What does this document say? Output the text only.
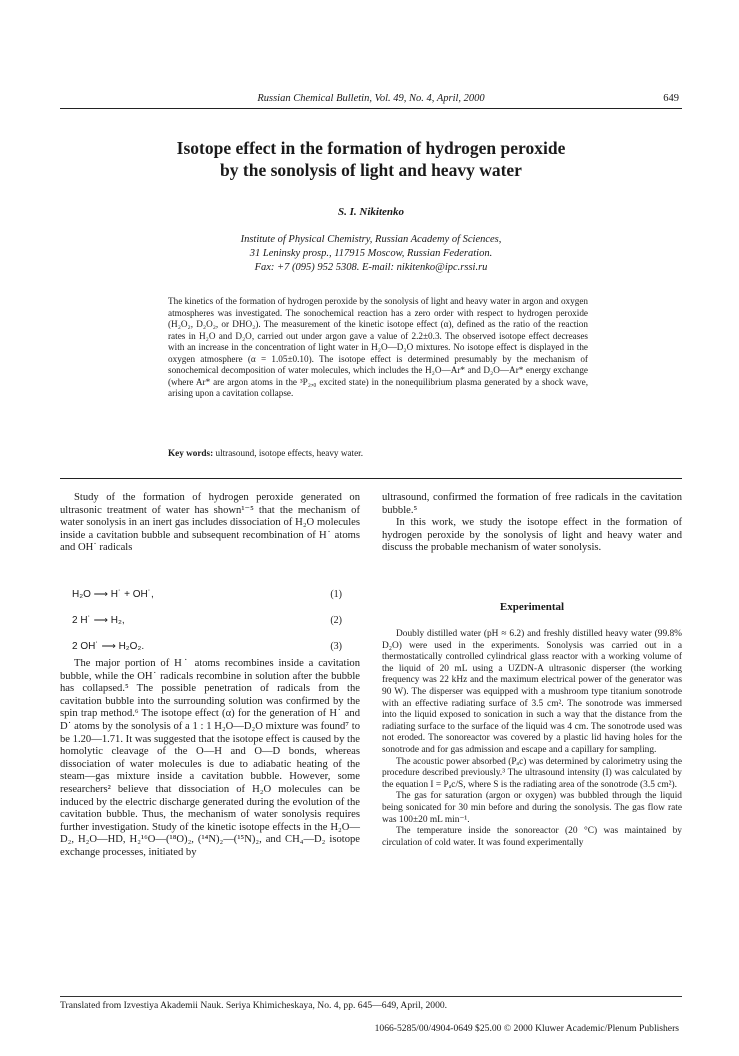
Russian Chemical Bulletin, Vol. 49, No. 4, April, 2000	649
Isotope effect in the formation of hydrogen peroxide
by the sonolysis of light and heavy water
S. I. Nikitenko
Institute of Physical Chemistry, Russian Academy of Sciences,
31 Leninsky prosp., 117915 Moscow, Russian Federation.
Fax: +7 (095) 952 5308. E-mail: nikitenko@ipc.rssi.ru
The kinetics of the formation of hydrogen peroxide by the sonolysis of light and heavy water in argon and oxygen atmospheres was investigated. The sonochemical reaction has a zero order with respect to hydrogen peroxide (H₂O₂, D₂O₂, or DHO₂). The measurement of the kinetic isotope effect (α), defined as the ratio of the reaction rates in H₂O and D₂O, carried out under argon gave a value of 2.2±0.3. The observed isotope effect decreases with an increase in the concentration of light water in H₂O—D₂O mixtures. No isotope effect is displayed in the oxygen atmosphere (α = 1.05±0.10). The isotope effect is determined presumably by the mechanism of sonochemical decomposition of water molecules, which includes the H₂O—Ar* and D₂O—Ar* energy exchange (where Ar* are argon atoms in the ³P₂,₀ excited state) in the nonequilibrium plasma generated by a shock wave, arising upon a cavitation collapse.
Key words: ultrasound, isotope effects, heavy water.

Study of the formation of hydrogen peroxide generated on ultrasonic treatment of water has shown¹⁻⁵ that the mechanism of water sonolysis in an inert gas includes dissociation of H₂O molecules inside a cavitation bubble and subsequent recombination of H˙ atoms and OH˙ radicals

H₂O ⟶ H˙ + OH˙,	(1)
2 H˙ ⟶ H₂,	(2)
2 OH˙ ⟶ H₂O₂.	(3)

The major portion of H˙ atoms recombines inside a cavitation bubble, while the OH˙ radicals recombine in solution after the bubble has collapsed.⁵ The possible penetration of radicals from the cavitation bubble into the surrounding solution was confirmed by the spin trap method.⁶ The isotope effect (α) for the generation of H˙ and D˙ atoms by the sonolysis of a 1 : 1 H₂O—D₂O mixture was found⁷ to be 1.20—1.71. It was suggested that the isotope effect is caused by the homolytic cleavage of the O—H and O—D bonds, whereas dissociation of water molecules is due to adiabatic heating of the steam—gas mixture inside a cavitation bubble. However, some researchers² believe that dissociation of H₂O molecules can be induced by the electric discharge generated during the evolution of the cavitation bubble. Thus, the mechanism of water sonolysis requires further investigation. Study of the kinetic isotope effects in the H₂O—D₂, H₂O—HD, H₂¹⁶O—(¹⁸O)₂, (¹⁴N)₂—(¹⁵N)₂, and CH₄—D₂ isotope exchange processes, initiated by

ultrasound, confirmed the formation of free radicals in the cavitation bubble.⁵

In this work, we study the isotope effect in the formation of hydrogen peroxide by the sonolysis of light and heavy water and discuss the probable mechanism of water sonolysis.

Experimental

Doubly distilled water (pH ≈ 6.2) and freshly distilled heavy water (99.8% D₂O) were used in the experiments. Sonolysis was carried out in a thermostatically controlled cylindrical glass reactor with a working volume of the liquid of 20 mL using a UZDN-A ultrasonic disperser (the working frequency was 22 kHz and the maximum electrical power of the generator was 90 W). The disperser was equipped with a mushroom type titanium sonotrode with an effective radiating surface of 3.5 cm². The sonotrode was immersed into the liquid exposed to sonication in such a way that the distance from the radiating surface to the surface of the liquid was 4 cm. The sonotrode used was not eroded. The sonoreactor was covered by a plastic lid having holes for the sonotrode and for gas admission and escape and a capillary for sampling.

The acoustic power absorbed (Pₐc) was determined by calorimetry using the procedure described previously.³ The ultrasound intensity (I) was calculated by the equation I = Pₐc/S, where S is the radiating area of the sonotrode (3.5 cm²).

The gas for saturation (argon or oxygen) was bubbled through the liquid being sonicated for 30 min before and during the sonolysis. The gas flow rate was 100±20 mL min⁻¹.

The temperature inside the sonoreactor (20 °C) was maintained by circulation of cold water. It was found experimentally

Translated from Izvestiya Akademii Nauk. Seriya Khimicheskaya, No. 4, pp. 645—649, April, 2000.
1066-5285/00/4904-0649 $25.00 © 2000 Kluwer Academic/Plenum Publishers
